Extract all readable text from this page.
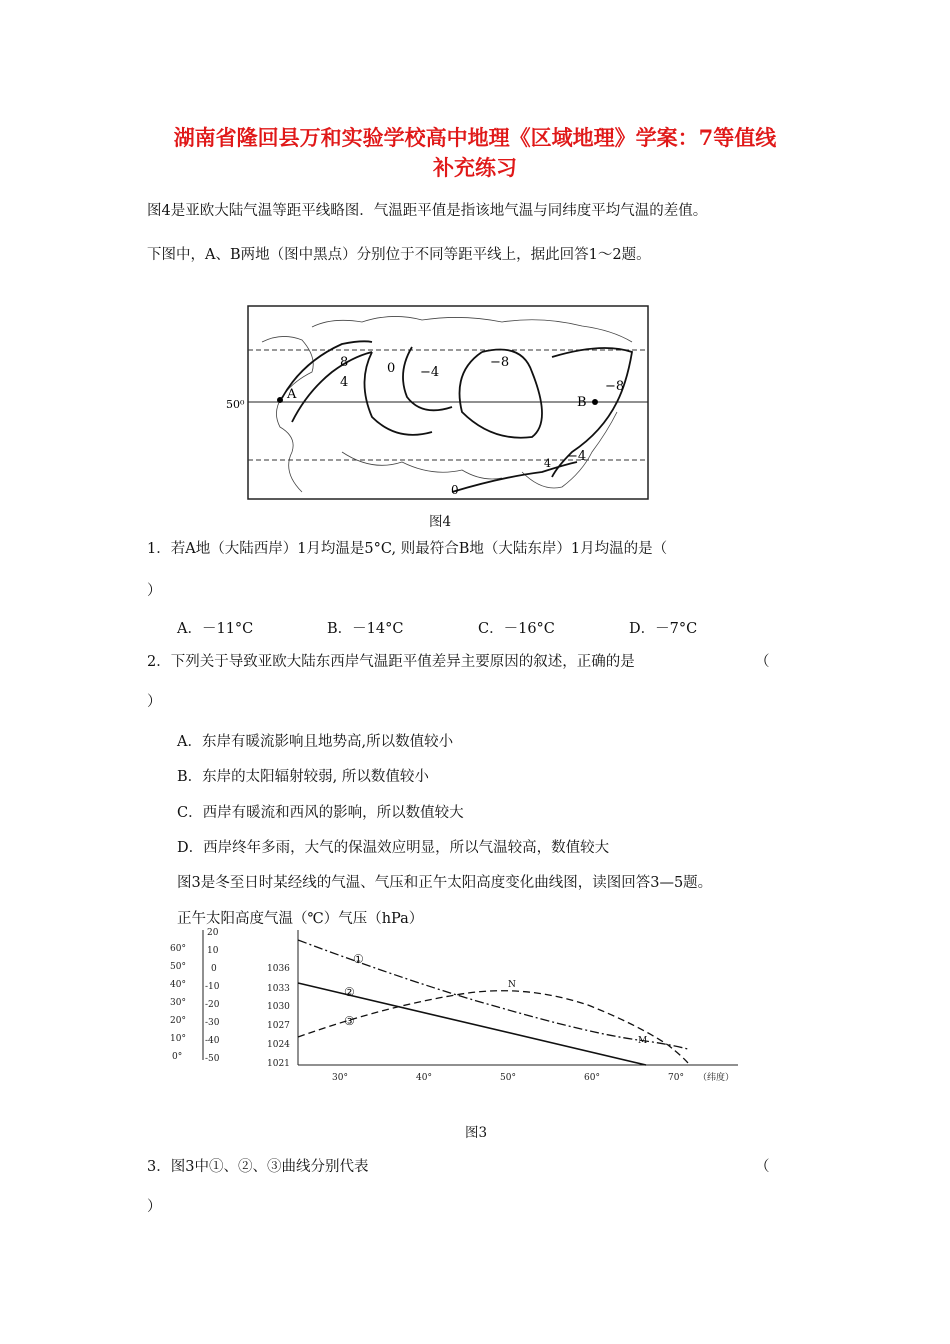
湖南省隆回县万和实验学校高中地理《区域地理》学案：7等值线
补充练习
图4是亚欧大陆气温等距平线略图．气温距平值是指该地气温与同纬度平均气温的差值。
下图中，A、B两地（图中黑点）分别位于不同等距平线上，据此回答1～2题。
50⁰
A
B
8
4
0 −4
−8
−8
−4
4
0
图4
1．若A地（大陆西岸）1月均温是5°C, 则最符合B地（大陆东岸）1月均温的是（
）
A．－11°C	B．－14°C	C．－16°C	D．－7°C
2．下列关于导致亚欧大陆东西岸气温距平值差异主要原因的叙述，正确的是	（
）
A．东岸有暖流影响且地势高,所以数值较小
B．东岸的太阳辐射较弱, 所以数值较小
C．西岸有暖流和西风的影响，所以数值较大
D．西岸终年多雨，大气的保温效应明显，所以气温较高，数值较大
图3是冬至日时某经线的气温、气压和正午太阳高度变化曲线图，读图回答3—5题。
正午太阳高度气温（℃）气压（hPa）
60°
50°
40°
30°
20°
10°
0°
20
10
0
-10
-20
-30
-40
-50
1036
1033
1030
1027
1024
1021
30°	40°	50°	60°	70° （纬度）
①
②
③
N
M
图3
3．图3中①、②、③曲线分别代表	（
）
